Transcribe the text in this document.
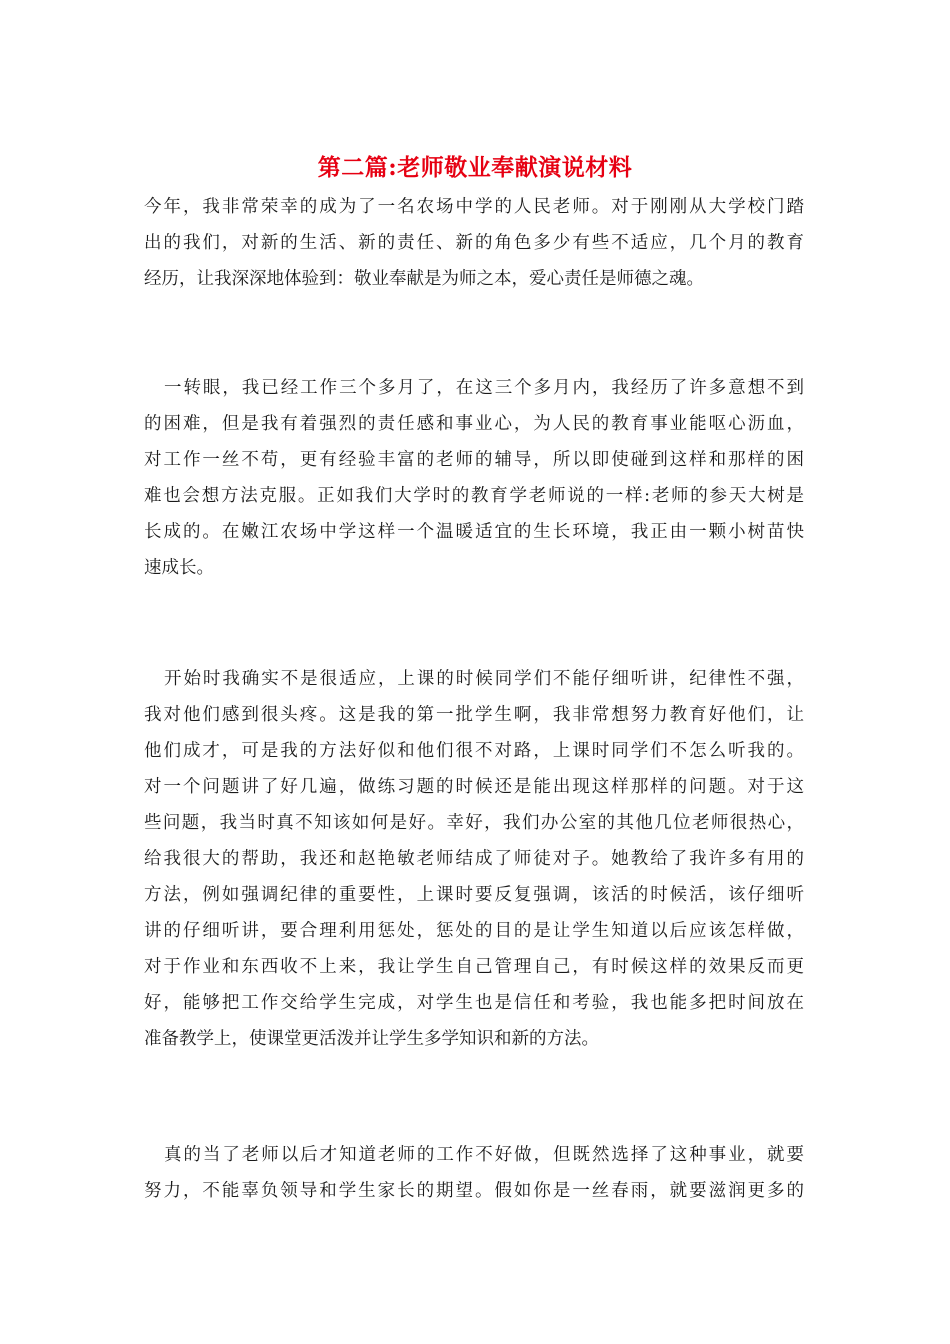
第二篇:老师敬业奉献演说材料
今年，我非常荣幸的成为了一名农场中学的人民老师。对于刚刚从大学校门踏
出的我们，对新的生活、新的责任、新的角色多少有些不适应，几个月的教育
经历，让我深深地体验到：敬业奉献是为师之本，爱心责任是师德之魂。
一转眼，我已经工作三个多月了，在这三个多月内，我经历了许多意想不到
的困难，但是我有着强烈的责任感和事业心，为人民的教育事业能呕心沥血，
对工作一丝不苟，更有经验丰富的老师的辅导，所以即使碰到这样和那样的困
难也会想方法克服。正如我们大学时的教育学老师说的一样:老师的参天大树是
长成的。在嫩江农场中学这样一个温暖适宜的生长环境，我正由一颗小树苗快
速成长。
开始时我确实不是很适应，上课的时候同学们不能仔细听讲，纪律性不强，
我对他们感到很头疼。这是我的第一批学生啊，我非常想努力教育好他们，让
他们成才，可是我的方法好似和他们很不对路，上课时同学们不怎么听我的。
对一个问题讲了好几遍，做练习题的时候还是能出现这样那样的问题。对于这
些问题，我当时真不知该如何是好。幸好，我们办公室的其他几位老师很热心，
给我很大的帮助，我还和赵艳敏老师结成了师徒对子。她教给了我许多有用的
方法，例如强调纪律的重要性，上课时要反复强调，该活的时候活，该仔细听
讲的仔细听讲，要合理利用惩处，惩处的目的是让学生知道以后应该怎样做，
对于作业和东西收不上来，我让学生自己管理自己，有时候这样的效果反而更
好，能够把工作交给学生完成，对学生也是信任和考验，我也能多把时间放在
准备教学上，使课堂更活泼并让学生多学知识和新的方法。
真的当了老师以后才知道老师的工作不好做，但既然选择了这种事业，就要
努力，不能辜负领导和学生家长的期望。假如你是一丝春雨，就要滋润更多的
